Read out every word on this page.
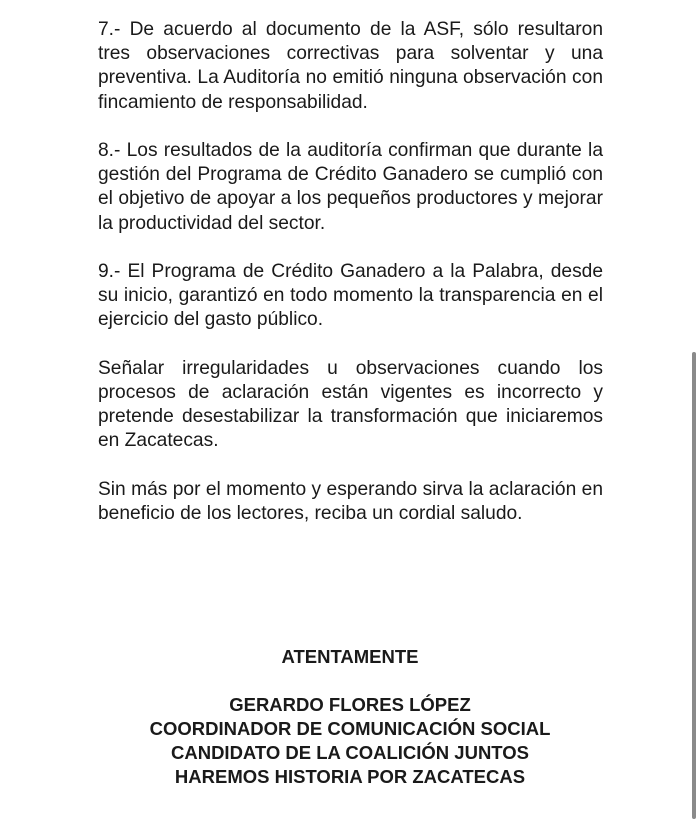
7.- De acuerdo al documento de la ASF, sólo resultaron tres observaciones correctivas para solventar y una preventiva. La Auditoría no emitió ninguna observación con fincamiento de responsabilidad.

8.- Los resultados de la auditoría confirman que durante la gestión del Programa de Crédito Ganadero se cumplió con el objetivo de apoyar a los pequeños productores y mejorar la productividad del sector.

9.- El Programa de Crédito Ganadero a la Palabra, desde su inicio, garantizó en todo momento la transparencia en el ejercicio del gasto público.

Señalar irregularidades u observaciones cuando los procesos de aclaración están vigentes es incorrecto y pretende desestabilizar la transformación que iniciaremos en Zacatecas.

Sin más por el momento y esperando sirva la aclaración en beneficio de los lectores, reciba un cordial saludo.

ATENTAMENTE
GERARDO FLORES LÓPEZ
COORDINADOR DE COMUNICACIÓN SOCIAL
CANDIDATO DE LA COALICIÓN JUNTOS
HAREMOS HISTORIA POR ZACATECAS
